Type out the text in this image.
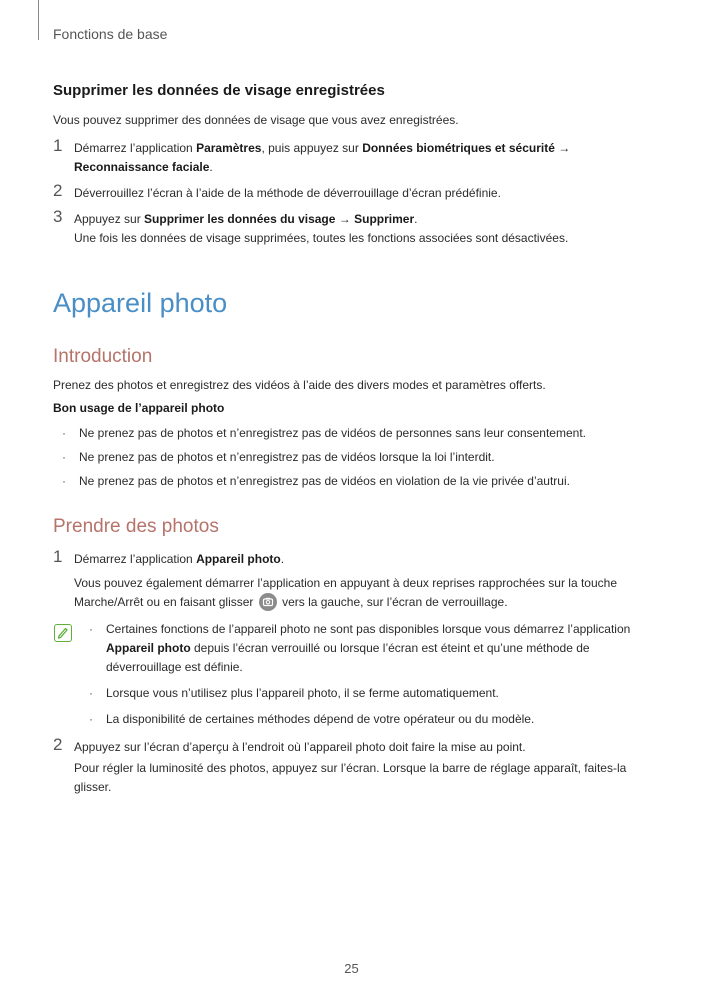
Fonctions de base
Supprimer les données de visage enregistrées

Vous pouvez supprimer des données de visage que vous avez enregistrées.

1 Démarrez l’application Paramètres, puis appuyez sur Données biométriques et sécurité →
Reconnaissance faciale.
2 Déverrouillez l’écran à l’aide de la méthode de déverrouillage d’écran prédéfinie.
3 Appuyez sur Supprimer les données du visage → Supprimer.
Une fois les données de visage supprimées, toutes les fonctions associées sont désactivées.
Appareil photo
Introduction

Prenez des photos et enregistrez des vidéos à l’aide des divers modes et paramètres offerts.

Bon usage de l’appareil photo

· Ne prenez pas de photos et n’enregistrez pas de vidéos de personnes sans leur consentement.
· Ne prenez pas de photos et n’enregistrez pas de vidéos lorsque la loi l’interdit.
· Ne prenez pas de photos et n’enregistrez pas de vidéos en violation de la vie privée d’autrui.
Prendre des photos
1 Démarrez l’application Appareil photo.
Vous pouvez également démarrer l’application en appuyant à deux reprises rapprochées sur la touche
Marche/Arrêt ou en faisant glisser
vers la gauche, sur l’écran de verrouillage.
· Certaines fonctions de l’appareil photo ne sont pas disponibles lorsque vous démarrez l’application
Appareil photo depuis l’écran verrouillé ou lorsque l’écran est éteint et qu’une méthode de déverrouillage est définie.
· Lorsque vous n’utilisez plus l’appareil photo, il se ferme automatiquement.
· La disponibilité de certaines méthodes dépend de votre opérateur ou du modèle.
2 Appuyez sur l’écran d’aperçu à l’endroit où l’appareil photo doit faire la mise au point.
Pour régler la luminosité des photos, appuyez sur l’écran. Lorsque la barre de réglage apparaît, faites-la glisser.
25
